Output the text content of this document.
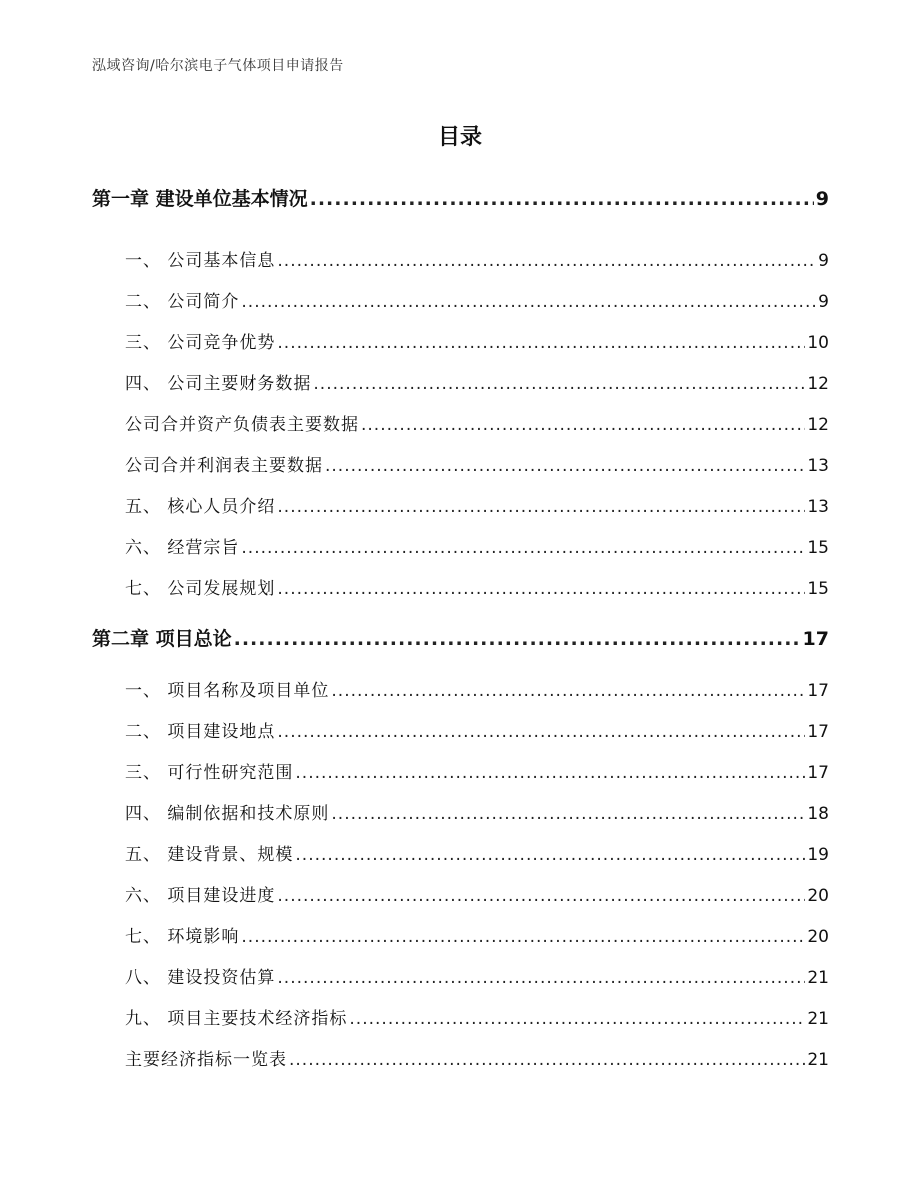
泓域咨询/哈尔滨电子气体项目申请报告
目录
第一章 建设单位基本情况 .....	9
一、 公司基本信息 .....	9
二、 公司简介 .....	9
三、 公司竞争优势 .....	10
四、 公司主要财务数据 .....	12
公司合并资产负债表主要数据 .....	12
公司合并利润表主要数据 .....	13
五、 核心人员介绍 .....	13
六、 经营宗旨 .....	15
七、 公司发展规划 .....	15
第二章 项目总论 .....	17
一、 项目名称及项目单位 .....	17
二、 项目建设地点 .....	17
三、 可行性研究范围 .....	17
四、 编制依据和技术原则 .....	18
五、 建设背景、规模 .....	19
六、 项目建设进度 .....	20
七、 环境影响 .....	20
八、 建设投资估算 .....	21
九、 项目主要技术经济指标 .....	21
主要经济指标一览表 .....	21
